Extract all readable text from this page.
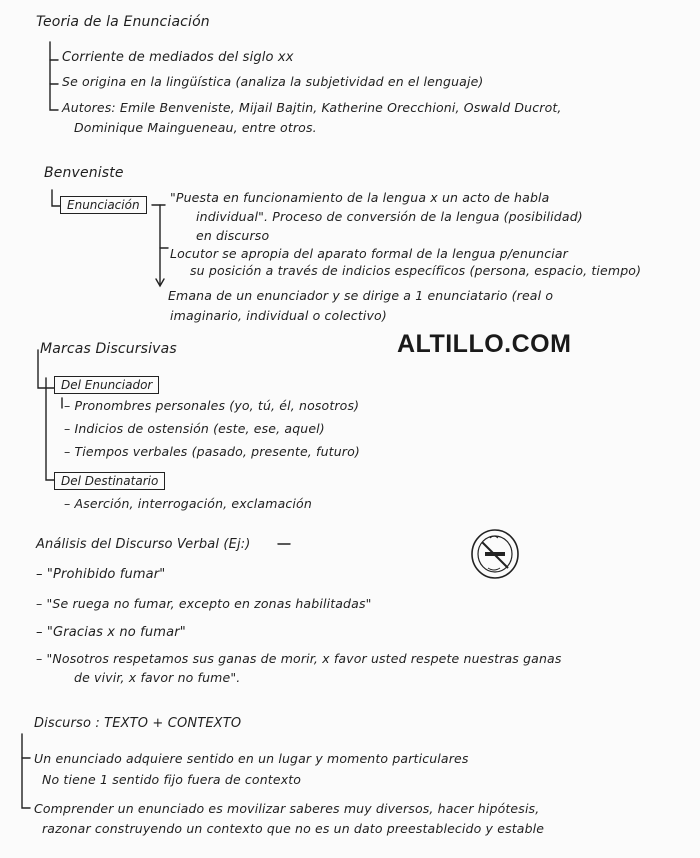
Teoria de la Enunciación
Corriente de mediados del siglo xx
Se origina en la lingüística (analiza la subjetividad en el lenguaje)
Autores: Emile Benveniste, Mijail Bajtin, Katherine Orecchioni, Oswald Ducrot,
Dominique Maingueneau, entre otros.
Benveniste
Enunciación	"Puesta en funcionamiento de la lengua x un acto de habla
individual". Proceso de conversión de la lengua (posibilidad)
en discurso
Locutor se apropia del aparato formal de la lengua p/enunciar
su posición a través de indicios específicos (persona, espacio, tiempo)
Emana de un enunciador y se dirige a 1 enunciatario (real o
imaginario, individual o colectivo)
ALTILLO.COM
Marcas Discursivas
Del Enunciador
– Pronombres personales (yo, tú, él, nosotros)
– Indicios de ostensión (este, ese, aquel)
– Tiempos verbales (pasado, presente, futuro)
Del Destinatario
– Aserción, interrogación, exclamación
Análisis del Discurso Verbal (Ej:)
– "Prohibido fumar"
– "Se ruega no fumar, excepto en zonas habilitadas"
– "Gracias x no fumar"
– "Nosotros respetamos sus ganas de morir, x favor usted respete nuestras ganas
de vivir, x favor no fume".
Discurso : TEXTO + CONTEXTO
Un enunciado adquiere sentido en un lugar y momento particulares
No tiene 1 sentido fijo fuera de contexto
Comprender un enunciado es movilizar saberes muy diversos, hacer hipótesis,
razonar construyendo un contexto que no es un dato preestablecido y estable
